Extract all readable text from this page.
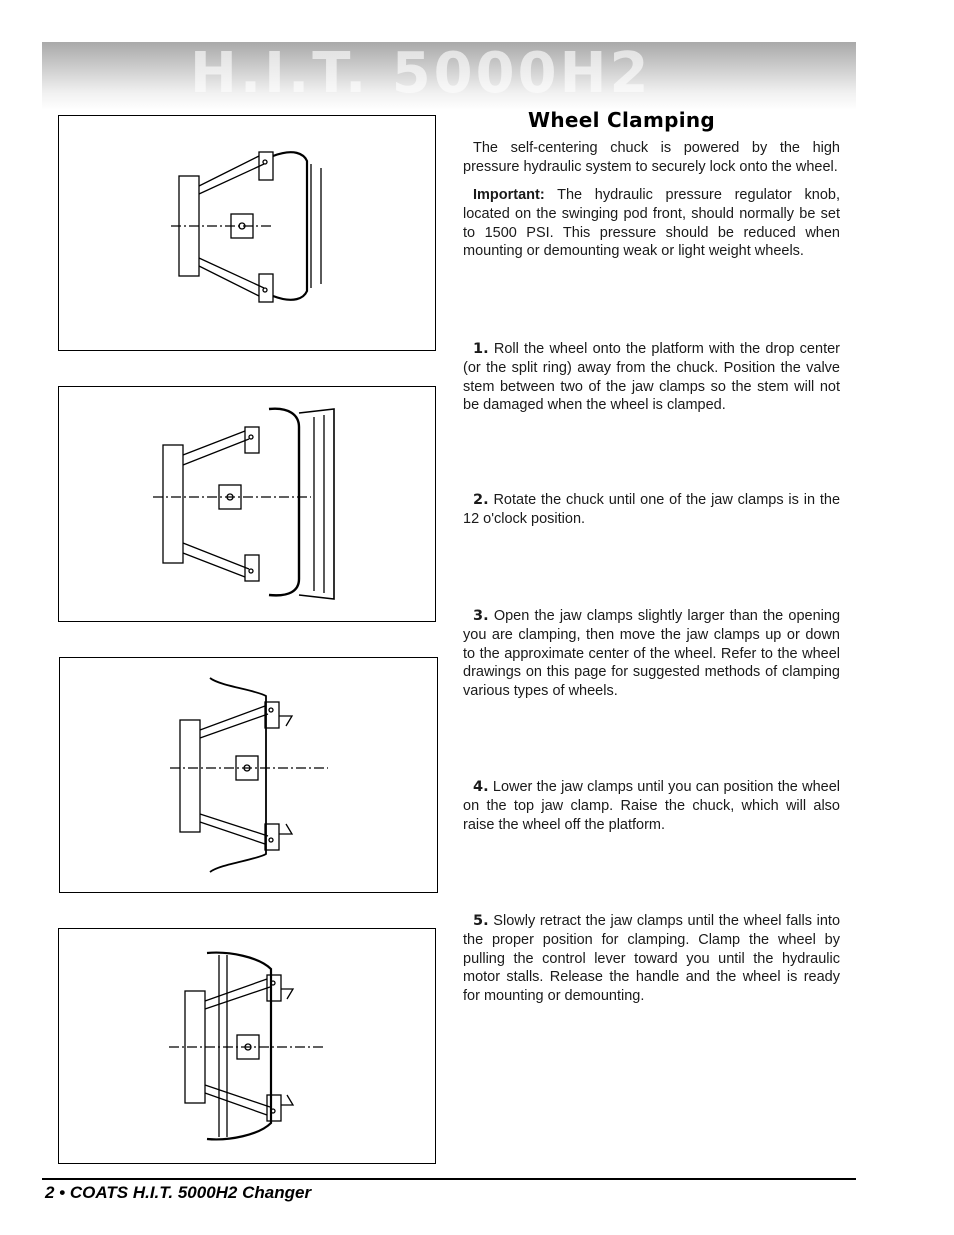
H.I.T. 5000H2
Wheel Clamping

The self-centering chuck is powered by the high pressure hydraulic system to securely lock onto the wheel.

Important: The hydraulic pressure regulator knob, located on the swinging pod front, should normally be set to 1500 PSI. This pressure should be reduced when mounting or demounting weak or light weight wheels.

1. Roll the wheel onto the platform with the drop center (or the split ring) away from the chuck. Position the valve stem between two of the jaw clamps so the stem will not be damaged when the wheel is clamped.

2. Rotate the chuck until one of the jaw clamps is in the 12 o'clock position.

3. Open the jaw clamps slightly larger than the opening you are clamping, then move the jaw clamps up or down to the approximate center of the wheel. Refer to the wheel drawings on this page for suggested methods of clamping various types of wheels.

4. Lower the jaw clamps until you can position the wheel on the top jaw clamp. Raise the chuck, which will also raise the wheel off the platform.

5. Slowly retract the jaw clamps until the wheel falls into the proper position for clamping. Clamp the wheel by pulling the control lever toward you until the hydraulic motor stalls. Release the handle and the wheel is ready for mounting or demounting.

2 • COATS H.I.T. 5000H2 Changer
